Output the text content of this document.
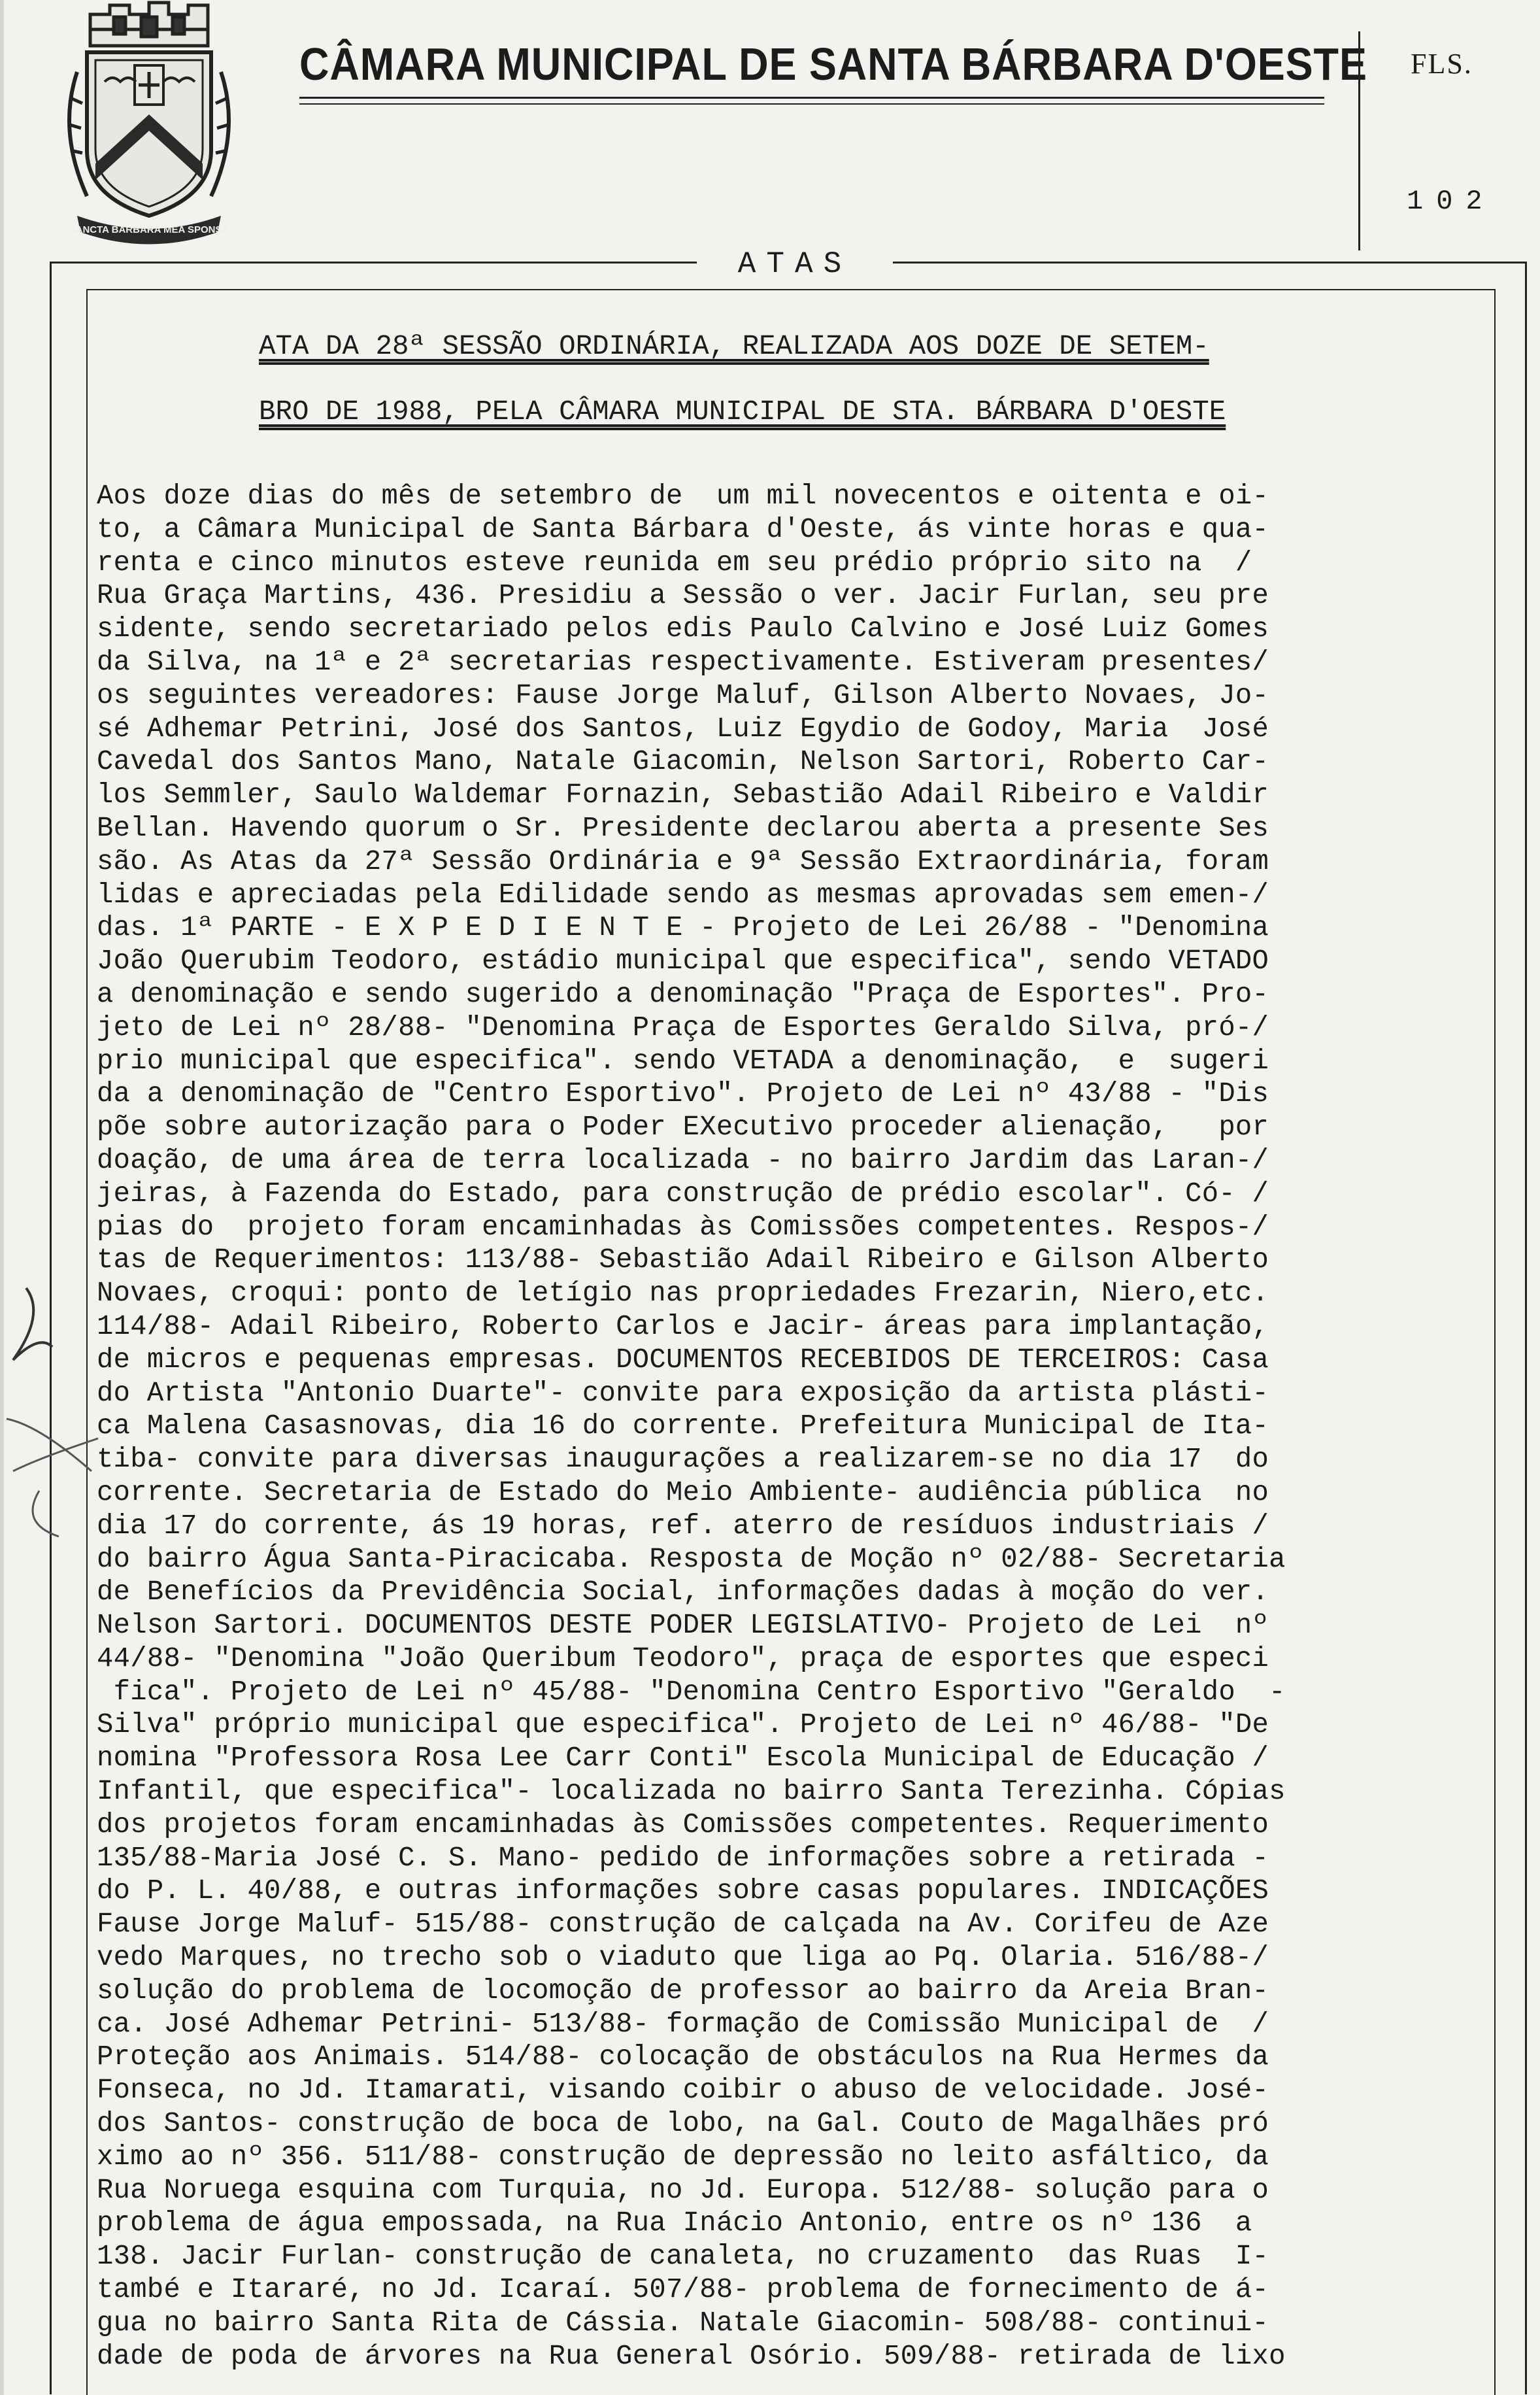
SANCTA BARBARA MEA SPONSA
CÂMARA MUNICIPAL DE SANTA BÁRBARA D'OESTE FLS.
102
ATAS
ATA DA 28ª SESSÃO ORDINÁRIA, REALIZADA AOS DOZE DE SETEM-
BRO DE 1988, PELA CÂMARA MUNICIPAL DE STA. BÁRBARA D'OESTE
Aos doze dias do mês de setembro de  um mil novecentos e oitenta e oi-
to, a Câmara Municipal de Santa Bárbara d'Oeste, ás vinte horas e qua-
renta e cinco minutos esteve reunida em seu prédio próprio sito na  /
Rua Graça Martins, 436. Presidiu a Sessão o ver. Jacir Furlan, seu pre
sidente, sendo secretariado pelos edis Paulo Calvino e José Luiz Gomes
da Silva, na 1ª e 2ª secretarias respectivamente. Estiveram presentes/
os seguintes vereadores: Fause Jorge Maluf, Gilson Alberto Novaes, Jo-
sé Adhemar Petrini, José dos Santos, Luiz Egydio de Godoy, Maria  José
Cavedal dos Santos Mano, Natale Giacomin, Nelson Sartori, Roberto Car-
los Semmler, Saulo Waldemar Fornazin, Sebastião Adail Ribeiro e Valdir
Bellan. Havendo quorum o Sr. Presidente declarou aberta a presente Ses
são. As Atas da 27ª Sessão Ordinária e 9ª Sessão Extraordinária, foram
lidas e apreciadas pela Edilidade sendo as mesmas aprovadas sem emen-/
das. 1ª PARTE - E X P E D I E N T E - Projeto de Lei 26/88 - "Denomina
João Querubim Teodoro, estádio municipal que especifica", sendo VETADO
a denominação e sendo sugerido a denominação "Praça de Esportes". Pro-
jeto de Lei nº 28/88- "Denomina Praça de Esportes Geraldo Silva, pró-/
prio municipal que especifica". sendo VETADA a denominação,  e  sugeri
da a denominação de "Centro Esportivo". Projeto de Lei nº 43/88 - "Dis
põe sobre autorização para o Poder EXecutivo proceder alienação,   por
doação, de uma área de terra localizada - no bairro Jardim das Laran-/
jeiras, à Fazenda do Estado, para construção de prédio escolar". Có- /
pias do  projeto foram encaminhadas às Comissões competentes. Respos-/
tas de Requerimentos: 113/88- Sebastião Adail Ribeiro e Gilson Alberto
Novaes, croqui: ponto de letígio nas propriedades Frezarin, Niero,etc.
114/88- Adail Ribeiro, Roberto Carlos e Jacir- áreas para implantação,
de micros e pequenas empresas. DOCUMENTOS RECEBIDOS DE TERCEIROS: Casa
do Artista "Antonio Duarte"- convite para exposição da artista plásti-
ca Malena Casasnovas, dia 16 do corrente. Prefeitura Municipal de Ita-
tiba- convite para diversas inaugurações a realizarem-se no dia 17  do
corrente. Secretaria de Estado do Meio Ambiente- audiência pública  no
dia 17 do corrente, ás 19 horas, ref. aterro de resíduos industriais /
do bairro Água Santa-Piracicaba. Resposta de Moção nº 02/88- Secretaria
de Benefícios da Previdência Social, informações dadas à moção do ver.
Nelson Sartori. DOCUMENTOS DESTE PODER LEGISLATIVO- Projeto de Lei  nº
44/88- "Denomina "João Queribum Teodoro", praça de esportes que especi
fica". Projeto de Lei nº 45/88- "Denomina Centro Esportivo "Geraldo  -
Silva" próprio municipal que especifica". Projeto de Lei nº 46/88- "De
nomina "Professora Rosa Lee Carr Conti" Escola Municipal de Educação /
Infantil, que especifica"- localizada no bairro Santa Terezinha. Cópias
dos projetos foram encaminhadas às Comissões competentes. Requerimento
135/88-Maria José C. S. Mano- pedido de informações sobre a retirada -
do P. L. 40/88, e outras informações sobre casas populares. INDICAÇÕES
Fause Jorge Maluf- 515/88- construção de calçada na Av. Corifeu de Aze
vedo Marques, no trecho sob o viaduto que liga ao Pq. Olaria. 516/88-/
solução do problema de locomoção de professor ao bairro da Areia Bran-
ca. José Adhemar Petrini- 513/88- formação de Comissão Municipal de  /
Proteção aos Animais. 514/88- colocação de obstáculos na Rua Hermes da
Fonseca, no Jd. Itamarati, visando coibir o abuso de velocidade. José-
dos Santos- construção de boca de lobo, na Gal. Couto de Magalhães pró
ximo ao nº 356. 511/88- construção de depressão no leito asfáltico, da
Rua Noruega esquina com Turquia, no Jd. Europa. 512/88- solução para o
problema de água empossada, na Rua Inácio Antonio, entre os nº 136  a
138. Jacir Furlan- construção de canaleta, no cruzamento  das Ruas  I-
també e Itararé, no Jd. Icaraí. 507/88- problema de fornecimento de á-
gua no bairro Santa Rita de Cássia. Natale Giacomin- 508/88- continui-
dade de poda de árvores na Rua General Osório. 509/88- retirada de lixo
